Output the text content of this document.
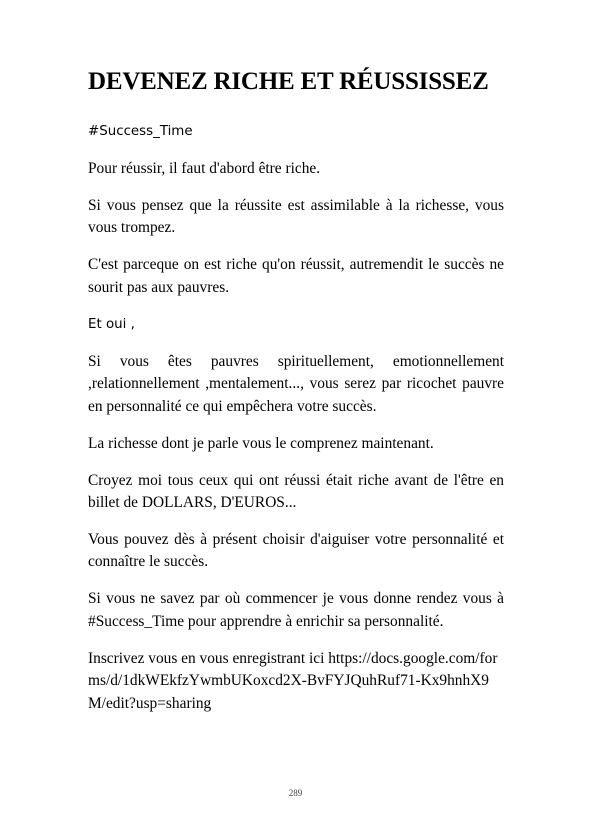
DEVENEZ RICHE ET RÉUSSISSEZ

#Success_Time

Pour réussir, il faut d'abord être riche.

Si vous pensez que la réussite est assimilable à la richesse, vous vous trompez.

C'est parceque on est riche qu'on réussit, autremendit le succès ne sourit pas aux pauvres.

Et oui ,

Si vous êtes pauvres spirituellement, emotionnellement ,relationnellement ,mentalement..., vous serez par ricochet pauvre en personnalité ce qui empêchera votre succès.

La richesse dont je parle vous le comprenez maintenant.

Croyez moi tous ceux qui ont réussi était riche avant de l'être en billet de DOLLARS, D'EUROS...

Vous pouvez dès à présent choisir d'aiguiser votre personnalité et connaître le succès.

Si vous ne savez par où commencer je vous donne rendez vous à #Success_Time pour apprendre à enrichir sa personnalité.

Inscrivez vous en vous enregistrant ici https://docs.google.com/forms/d/1dkWEkfzYwmbUKoxcd2X-BvFYJQuhRuf71-Kx9hnhX9M/edit?usp=sharing

289
